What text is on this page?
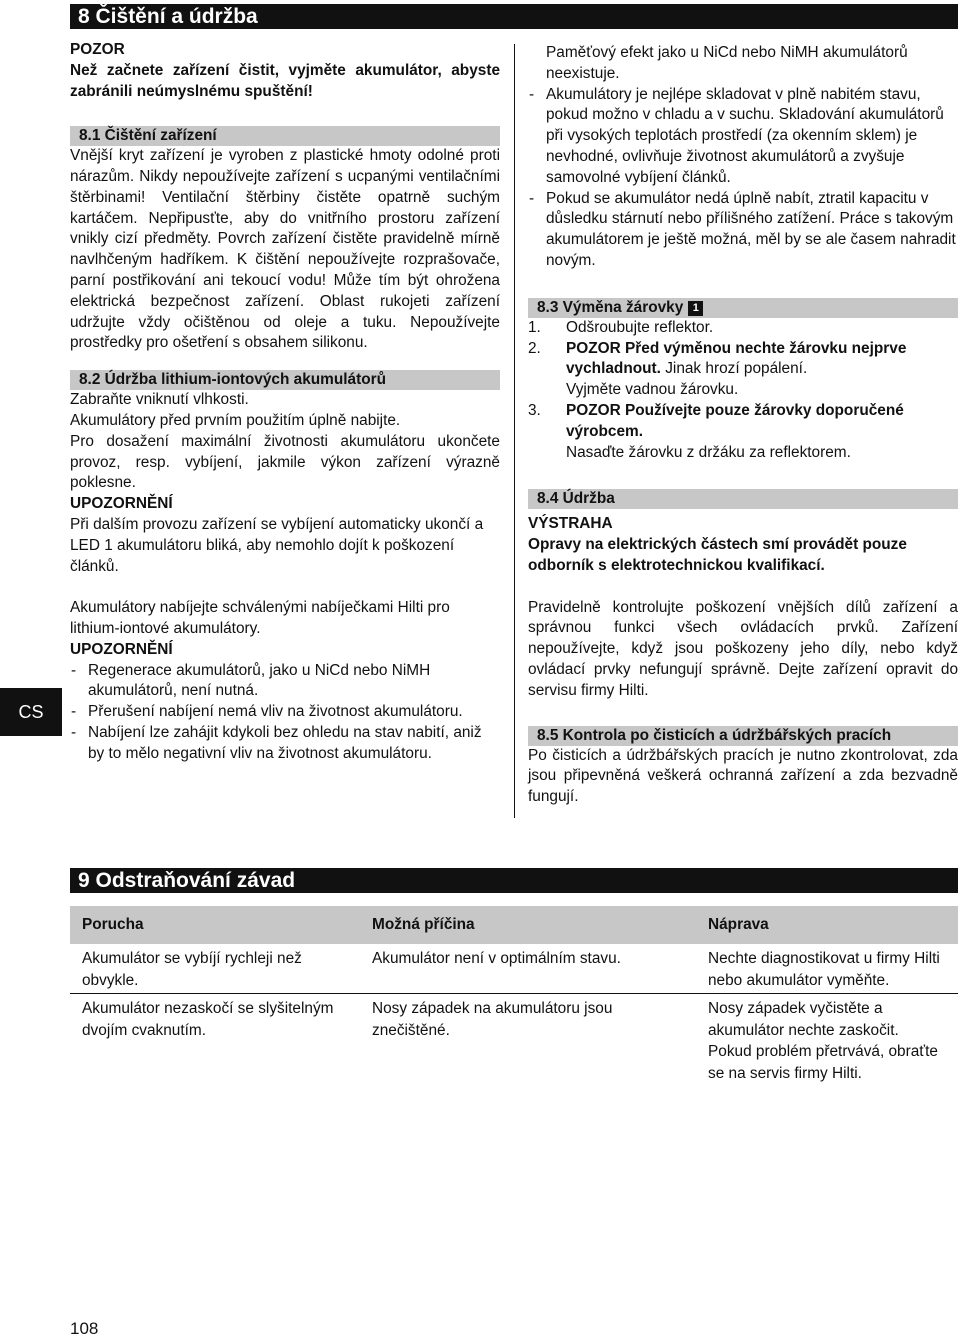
8 Čištění a údržba

POZOR

Než začnete zařízení čistit, vyjměte akumulátor, abyste zabránili neúmyslnému spuštění!

8.1 Čištění zařízení

Vnější kryt zařízení je vyroben z plastické hmoty odolné proti nárazům. Nikdy nepoužívejte zařízení s ucpanými ventilačními štěrbinami! Ventilační štěrbiny čistěte opatrně suchým kartáčem. Nepřipusťte, aby do vnitřního prostoru zařízení vnikly cizí předměty. Povrch zařízení čistěte pravidelně mírně navlhčeným hadříkem. K čištění nepoužívejte rozprašovače, parní postřikování ani tekoucí vodu! Může tím být ohrožena elektrická bezpečnost zařízení. Oblast rukojeti zařízení udržujte vždy očištěnou od oleje a tuku. Nepoužívejte prostředky pro ošetření s obsahem silikonu.

8.2 Údržba lithium-iontových akumulátorů

Zabraňte vniknutí vlhkosti.

Akumulátory před prvním použitím úplně nabijte.

Pro dosažení maximální životnosti akumulátoru ukončete provoz, resp. vybíjení, jakmile výkon zařízení výrazně poklesne.

UPOZORNĚNÍ

Při dalším provozu zařízení se vybíjení automaticky ukončí a LED 1 akumulátoru bliká, aby nemohlo dojít k poškození článků.

Akumulátory nabíjejte schválenými nabíječkami Hilti pro lithium-iontové akumulátory.

UPOZORNĚNÍ

- Regenerace akumulátorů, jako u NiCd nebo NiMH akumulátorů, není nutná.
- Přerušení nabíjení nemá vliv na životnost akumulátoru.
- Nabíjení lze zahájit kdykoli bez ohledu na stav nabití, aniž by to mělo negativní vliv na životnost akumulátoru.

Paměťový efekt jako u NiCd nebo NiMH akumulátorů neexistuje.

- Akumulátory je nejlépe skladovat v plně nabitém stavu, pokud možno v chladu a v suchu. Skladování akumulátorů při vysokých teplotách prostředí (za okenním sklem) je nevhodné, ovlivňuje životnost akumulátorů a zvyšuje samovolné vybíjení článků.
- Pokud se akumulátor nedá úplně nabít, ztratil kapacitu v důsledku stárnutí nebo přílišného zatížení. Práce s takovým akumulátorem je ještě možná, měl by se ale časem nahradit novým.
8.3 Výměna žárovky 1
1.	Odšroubujte reflektor.
2.	POZOR Před výměnou nechte žárovku nejprve vychladnout. Jinak hrozí popálení.
Vyjměte vadnou žárovku.
3.	POZOR Používejte pouze žárovky doporučené výrobcem.
Nasaďte žárovku z držáku za reflektorem.
8.4 Údržba

VÝSTRAHA

Opravy na elektrických částech smí provádět pouze odborník s elektrotechnickou kvalifikací.

Pravidelně kontrolujte poškození vnějších dílů zařízení a správnou funkci všech ovládacích prvků. Zařízení nepoužívejte, když jsou poškozeny jeho díly, nebo když ovládací prvky nefungují správně. Dejte zařízení opravit do servisu firmy Hilti.

8.5 Kontrola po čisticích a údržbářských pracích

Po čisticích a údržbářských pracích je nutno zkontrolovat, zda jsou připevněná veškerá ochranná zařízení a zda bezvadně fungují.

CS
9 Odstraňování závad
Porucha	Možná příčina	Náprava
Akumulátor se vybíjí rychleji než obvykle.	Akumulátor není v optimálním stavu.	Nechte diagnostikovat u firmy Hilti nebo akumulátor vyměňte.
Akumulátor nezaskočí se slyšitelným dvojím cvaknutím.	Nosy západek na akumulátoru jsou znečištěné.	Nosy západek vyčistěte a akumulátor nechte zaskočit. Pokud problém přetrvává, obraťte se na servis firmy Hilti.
108
